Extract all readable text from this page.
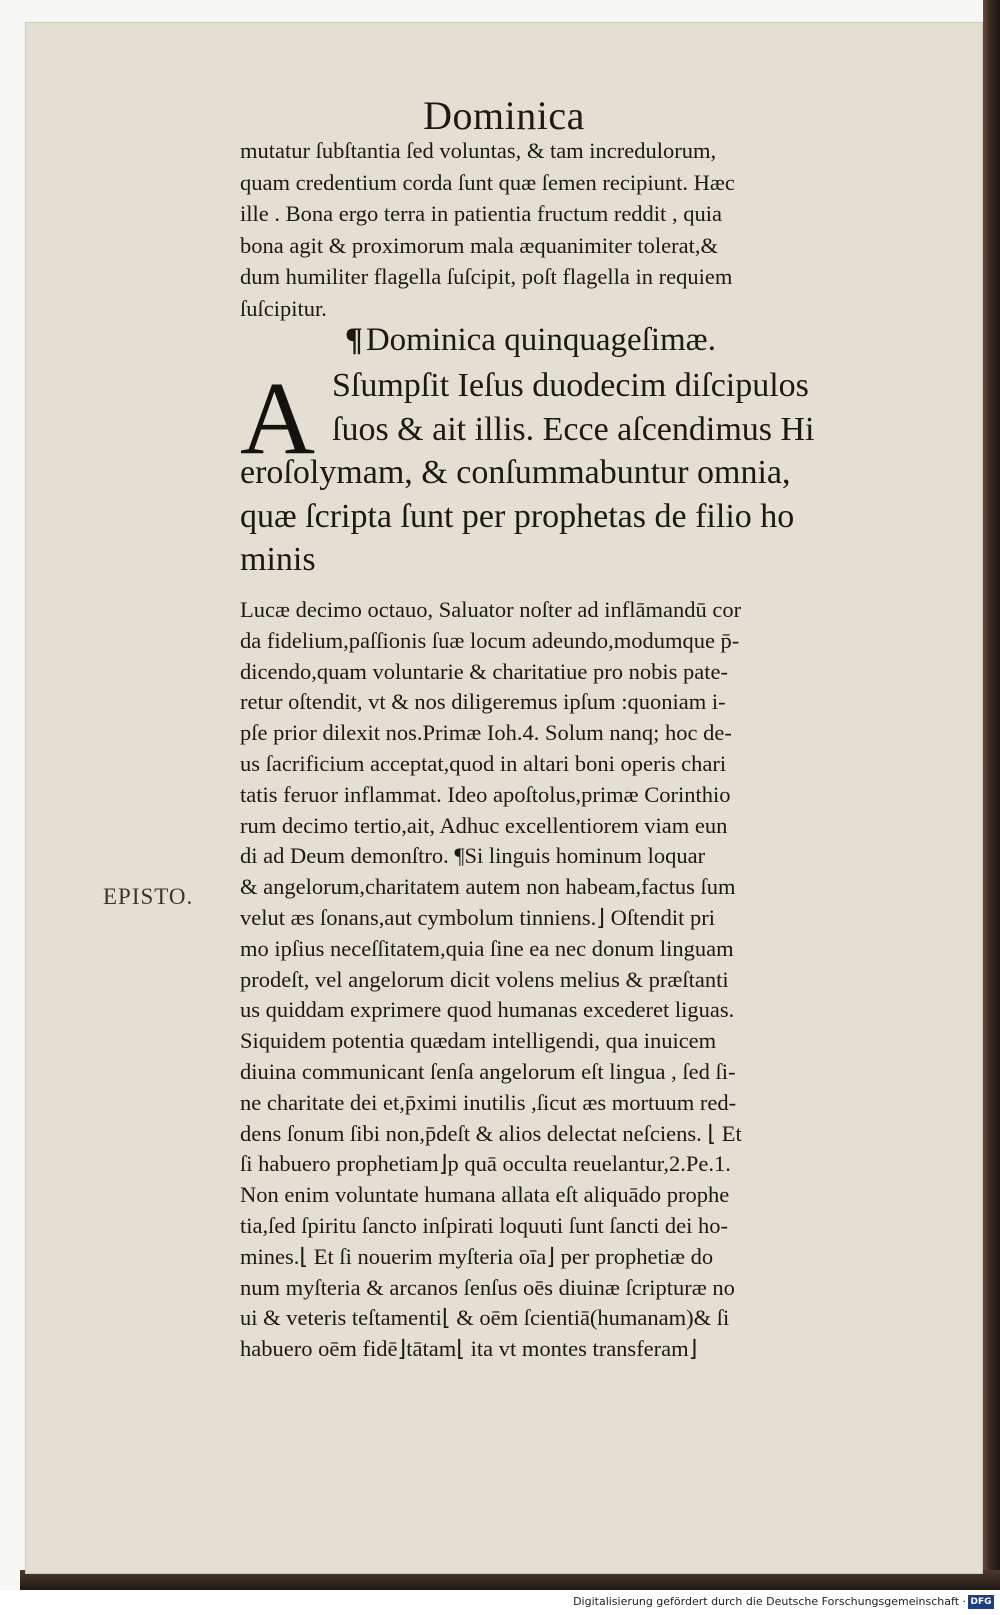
Dominica
mutatur ſubſtantia ſed voluntas, & tam incredulorum,
quam credentium corda ſunt quæ ſemen recipiunt. Hæc
ille . Bona ergo terra in patientia fructum reddit , quia
bona agit & proximorum mala æquanimiter tolerat,&
dum humiliter flagella ſuſcipit, poſt flagella in requiem
ſuſcipitur.
¶Dominica quinquageſimæ.
A Sſumpſit Ieſus duodecim diſcipulos
ſuos & ait illis. Ecce aſcendimus Hi
eroſolymam, & conſummabuntur omnia,
quæ ſcripta ſunt per prophetas de filio ho
minis
EPISTO.
Lucæ decimo octauo, Saluator noſter ad inflāmandū cor
da fidelium,paſſionis ſuæ locum adeundo,modumque p̄-
dicendo,quam voluntarie & charitatiue pro nobis pate-
retur oſtendit, vt & nos diligeremus ipſum :quoniam i-
pſe prior dilexit nos.Primæ Ioh.4. Solum nanq; hoc de-
us ſacrificium acceptat,quod in altari boni operis chari
tatis feruor inflammat. Ideo apoſtolus,primæ Corinthio
rum decimo tertio,ait, Adhuc excellentiorem viam eun
di ad Deum demonſtro. ¶Si linguis hominum loquar
& angelorum,charitatem autem non habeam,factus ſum
velut æs ſonans,aut cymbolum tinniens.⌋ Oſtendit pri
mo ipſius neceſſitatem,quia ſine ea nec donum linguam
prodeſt, vel angelorum dicit volens melius & præſtanti
us quiddam exprimere quod humanas excederet liguas.
Siquidem potentia quædam intelligendi, qua inuicem
diuina communicant ſenſa angelorum eſt lingua , ſed ſi-
ne charitate dei et,p̄ximi inutilis ,ſicut æs mortuum red-
dens ſonum ſibi non,p̄deſt & alios delectat neſciens. ⌊ Et
ſi habuero prophetiam⌋p quā occulta reuelantur,2.Pe.1.
Non enim voluntate humana allata eſt aliquādo prophe
tia,ſed ſpiritu ſancto inſpirati loquuti ſunt ſancti dei ho-
mines.⌊ Et ſi nouerim myſteria oīa⌋ per prophetiæ do
num myſteria & arcanos ſenſus oēs diuinæ ſcripturæ no
ui & veteris teſtamenti⌊ & oēm ſcientiā(humanam)& ſi
habuero oēm fidē⌋tātam⌊ ita vt montes transferam⌋
Digitalisierung gefördert durch die Deutsche Forschungsgemeinschaft · DFG
